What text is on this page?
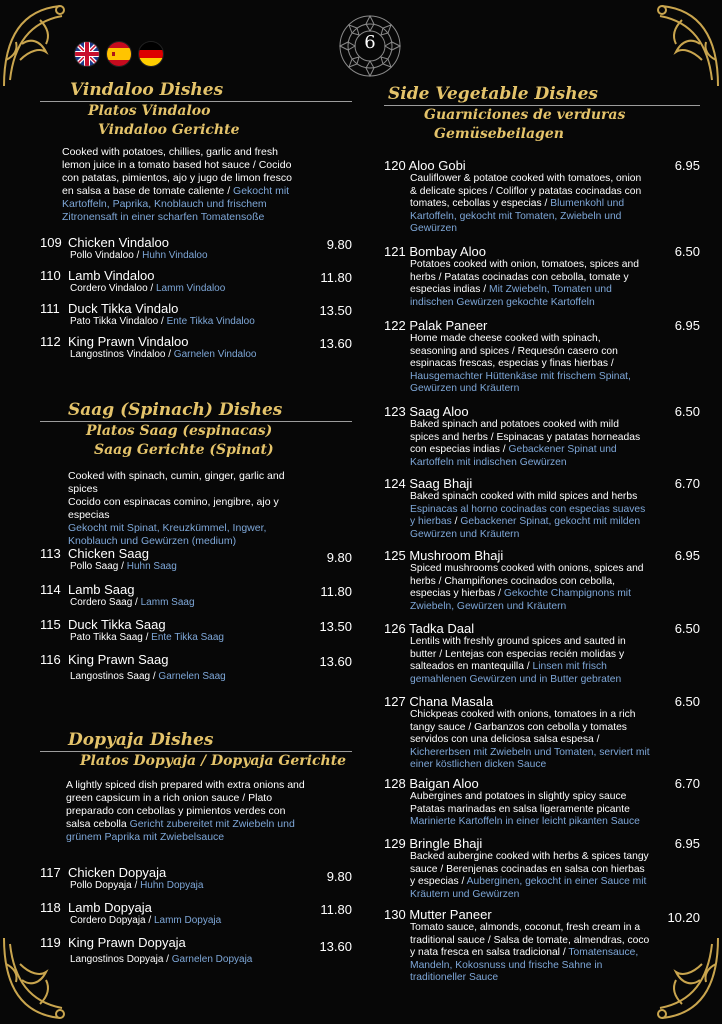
6
Vindaloo Dishes
Platos Vindaloo
Vindaloo Gerichte
Cooked with potatoes, chillies, garlic and fresh lemon juice in a tomato based hot sauce / Cocido con patatas, pimientos, ajo y jugo de limon fresco en salsa a base de tomate caliente / Gekocht mit Kartoffeln, Paprika, Knoblauch und frischem Zitronensaft in einer scharfen Tomatensoße
109 Chicken Vindaloo	9.80
Pollo Vindaloo / Huhn Vindaloo
110 Lamb Vindaloo	11.80
Cordero Vindaloo / Lamm Vindaloo
111 Duck Tikka Vindalo	13.50
Pato Tikka Vindaloo / Ente Tikka Vindaloo
112 King Prawn Vindaloo	13.60
Langostinos Vindaloo / Garnelen Vindaloo
Saag (Spinach) Dishes
Platos Saag (espinacas)
Saag Gerichte (Spinat)
Cooked with spinach, cumin, ginger, garlic and spices
Cocido con espinacas comino, jengibre, ajo y especias
Gekocht mit Spinat, Kreuzkümmel, Ingwer, Knoblauch und Gewürzen (medium)
113 Chicken Saag	9.80
Pollo Saag / Huhn Saag
114 Lamb Saag	11.80
Cordero Saag / Lamm Saag
115 Duck Tikka Saag	13.50
Pato Tikka Saag / Ente Tikka Saag
116 King Prawn Saag	13.60
Langostinos Saag / Garnelen Saag
Dopyaja Dishes
Platos Dopyaja / Dopyaja Gerichte
A lightly spiced dish prepared with extra onions and green capsicum in a rich onion sauce / Plato preparado con cebollas y pimientos verdes con salsa cebolla Gericht zubereitet mit Zwiebeln und grünem Paprika mit Zwiebelsauce
117 Chicken Dopyaja	9.80
Pollo Dopyaja / Huhn Dopyaja
118 Lamb Dopyaja	11.80
Cordero Dopyaja / Lamm Dopyaja
119 King Prawn Dopyaja	13.60
Langostinos Dopyaja / Garnelen Dopyaja
Side Vegetable Dishes
Guarniciones de verduras
Gemüsebeilagen
120 Aloo Gobi	6.95
Cauliflower & potatoe cooked with tomatoes, onion & delicate spices / Coliflor y patatas cocinadas con tomates, cebollas y especias / Blumenkohl und Kartoffeln, gekocht mit Tomaten, Zwiebeln und Gewürzen
121 Bombay Aloo	6.50
Potatoes cooked with onion, tomatoes, spices and herbs / Patatas cocinadas con cebolla, tomate y especias indias / Mit Zwiebeln, Tomaten und indischen Gewürzen gekochte Kartoffeln
122 Palak Paneer	6.95
Home made cheese cooked with spinach, seasoning and spices / Requesón casero con espinacas frescas, especias y finas hierbas / Hausgemachter Hüttenkäse mit frischem Spinat, Gewürzen und Kräutern
123 Saag Aloo	6.50
Baked spinach and potatoes cooked with mild spices and herbs / Espinacas y patatas horneadas con especias indias / Gebackener Spinat und Kartoffeln mit indischen Gewürzen
124 Saag Bhaji	6.70
Baked spinach cooked with mild spices and herbs Espinacas al horno cocinadas con especias suaves y hierbas / Gebackener Spinat, gekocht mit milden Gewürzen und Kräutern
125 Mushroom Bhaji	6.95
Spiced mushrooms cooked with onions, spices and herbs / Champiñones cocinados con cebolla, especias y hierbas / Gekochte Champignons mit Zwiebeln, Gewürzen und Kräutern
126 Tadka Daal	6.50
Lentils with freshly ground spices and sauted in butter / Lentejas con especias recién molidas y salteados en mantequilla / Linsen mit frisch gemahlenen Gewürzen und in Butter gebraten
127 Chana Masala	6.50
Chickpeas cooked with onions, tomatoes in a rich tangy sauce / Garbanzos con cebolla y tomates servidos con una deliciosa salsa espesa / Kichererbsen mit Zwiebeln und Tomaten, serviert mit einer köstlichen dicken Sauce
128 Baigan Aloo	6.70
Aubergines and potatoes in slightly spicy sauce
Patatas marinadas en salsa ligeramente picante
Marinierte Kartoffeln in einer leicht pikanten Sauce
129 Bringle Bhaji	6.95
Backed aubergine cooked with herbs & spices tangy sauce / Berenjenas cocinadas en salsa con hierbas y especias / Auberginen, gekocht in einer Sauce mit Kräutern und Gewürzen
130 Mutter Paneer	10.20
Tomato sauce, almonds, coconut, fresh cream in a traditional sauce / Salsa de tomate, almendras, coco y nata fresca en salsa tradicional / Tomatensauce, Mandeln, Kokosnuss und frische Sahne in traditioneller Sauce
